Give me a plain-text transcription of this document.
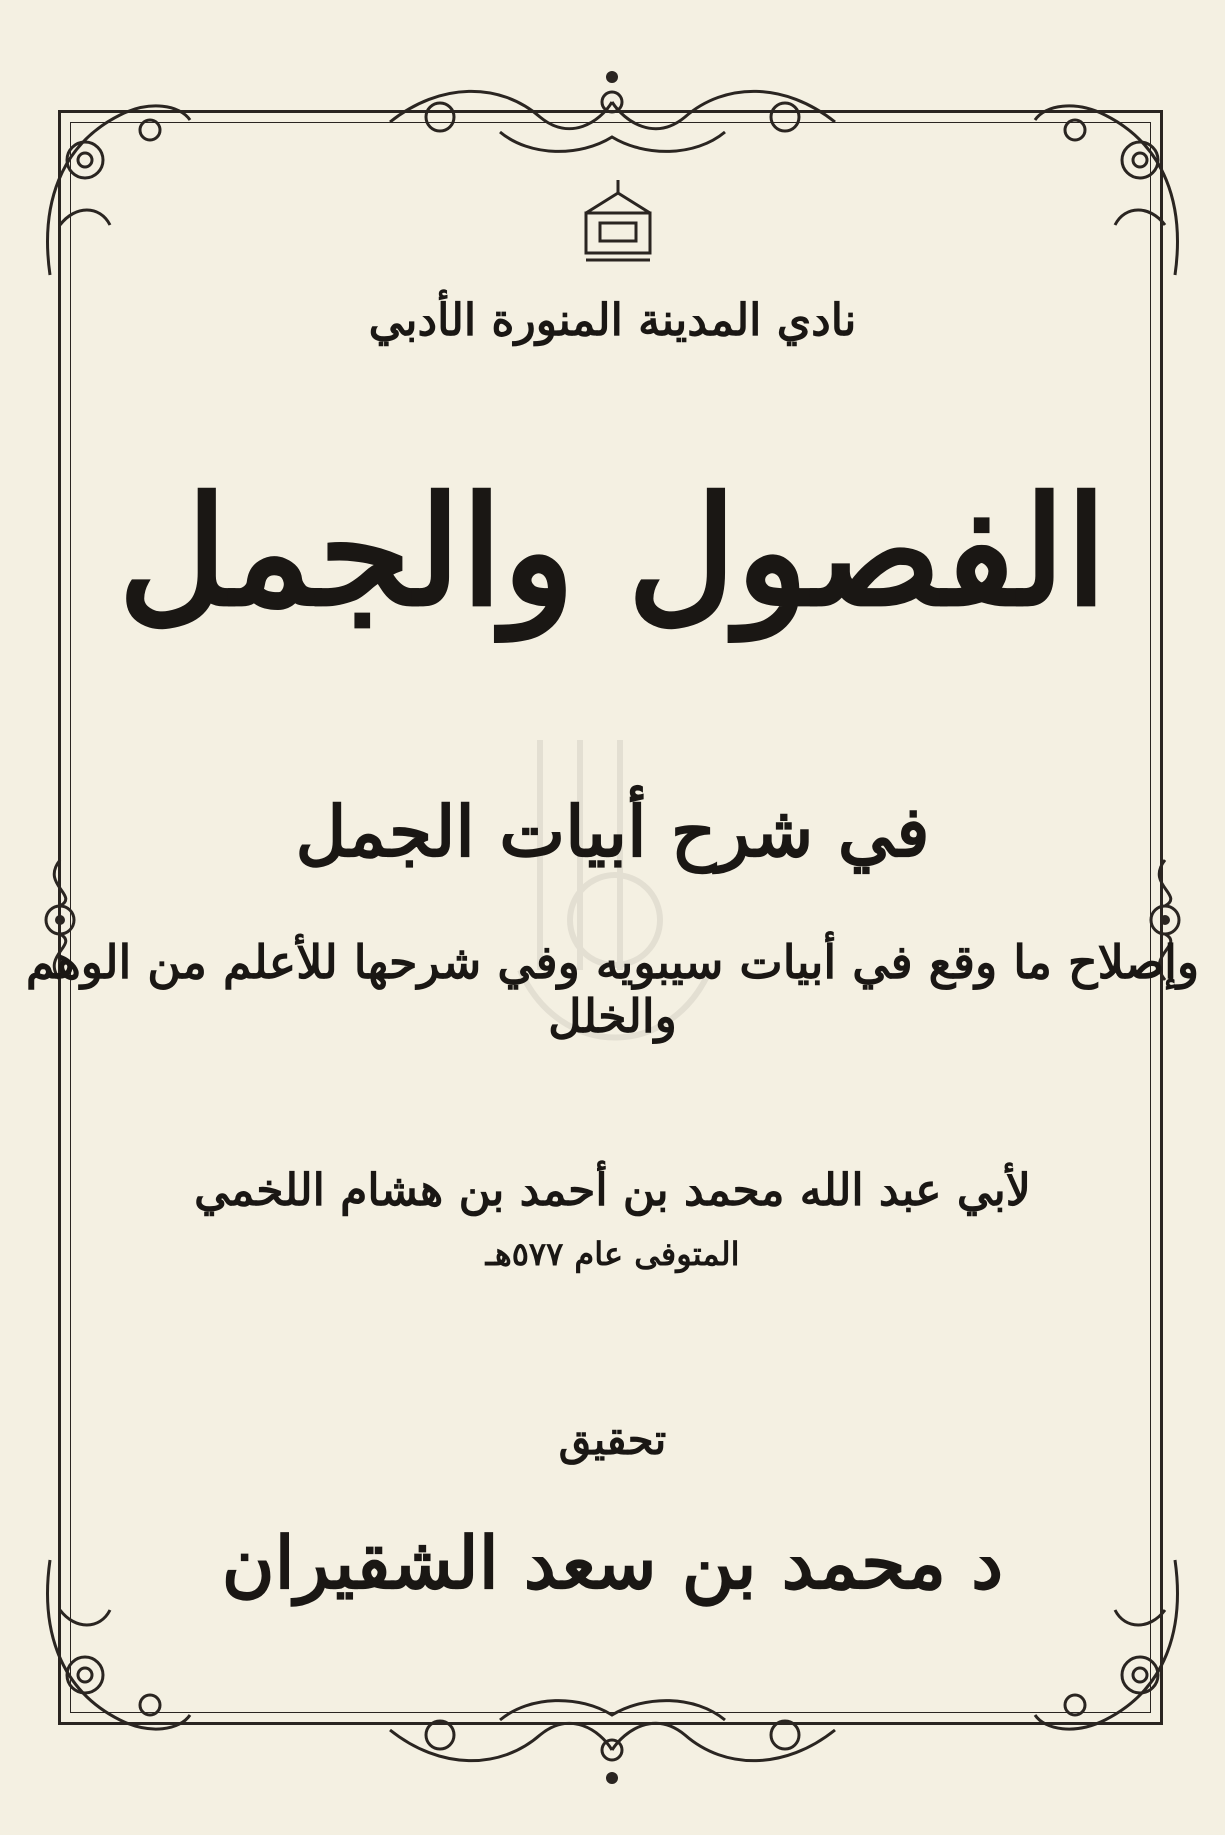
نادي المدينة المنورة الأدبي
الفصول والجمل
في شرح أبيات الجمل
وإصلاح ما وقع في أبيات سيبويه وفي شرحها للأعلم من الوهم والخلل
لأبي عبد الله محمد بن أحمد بن هشام اللخمي
المتوفى عام ٥٧٧هـ
تحقيق
د محمد بن سعد الشقيران
